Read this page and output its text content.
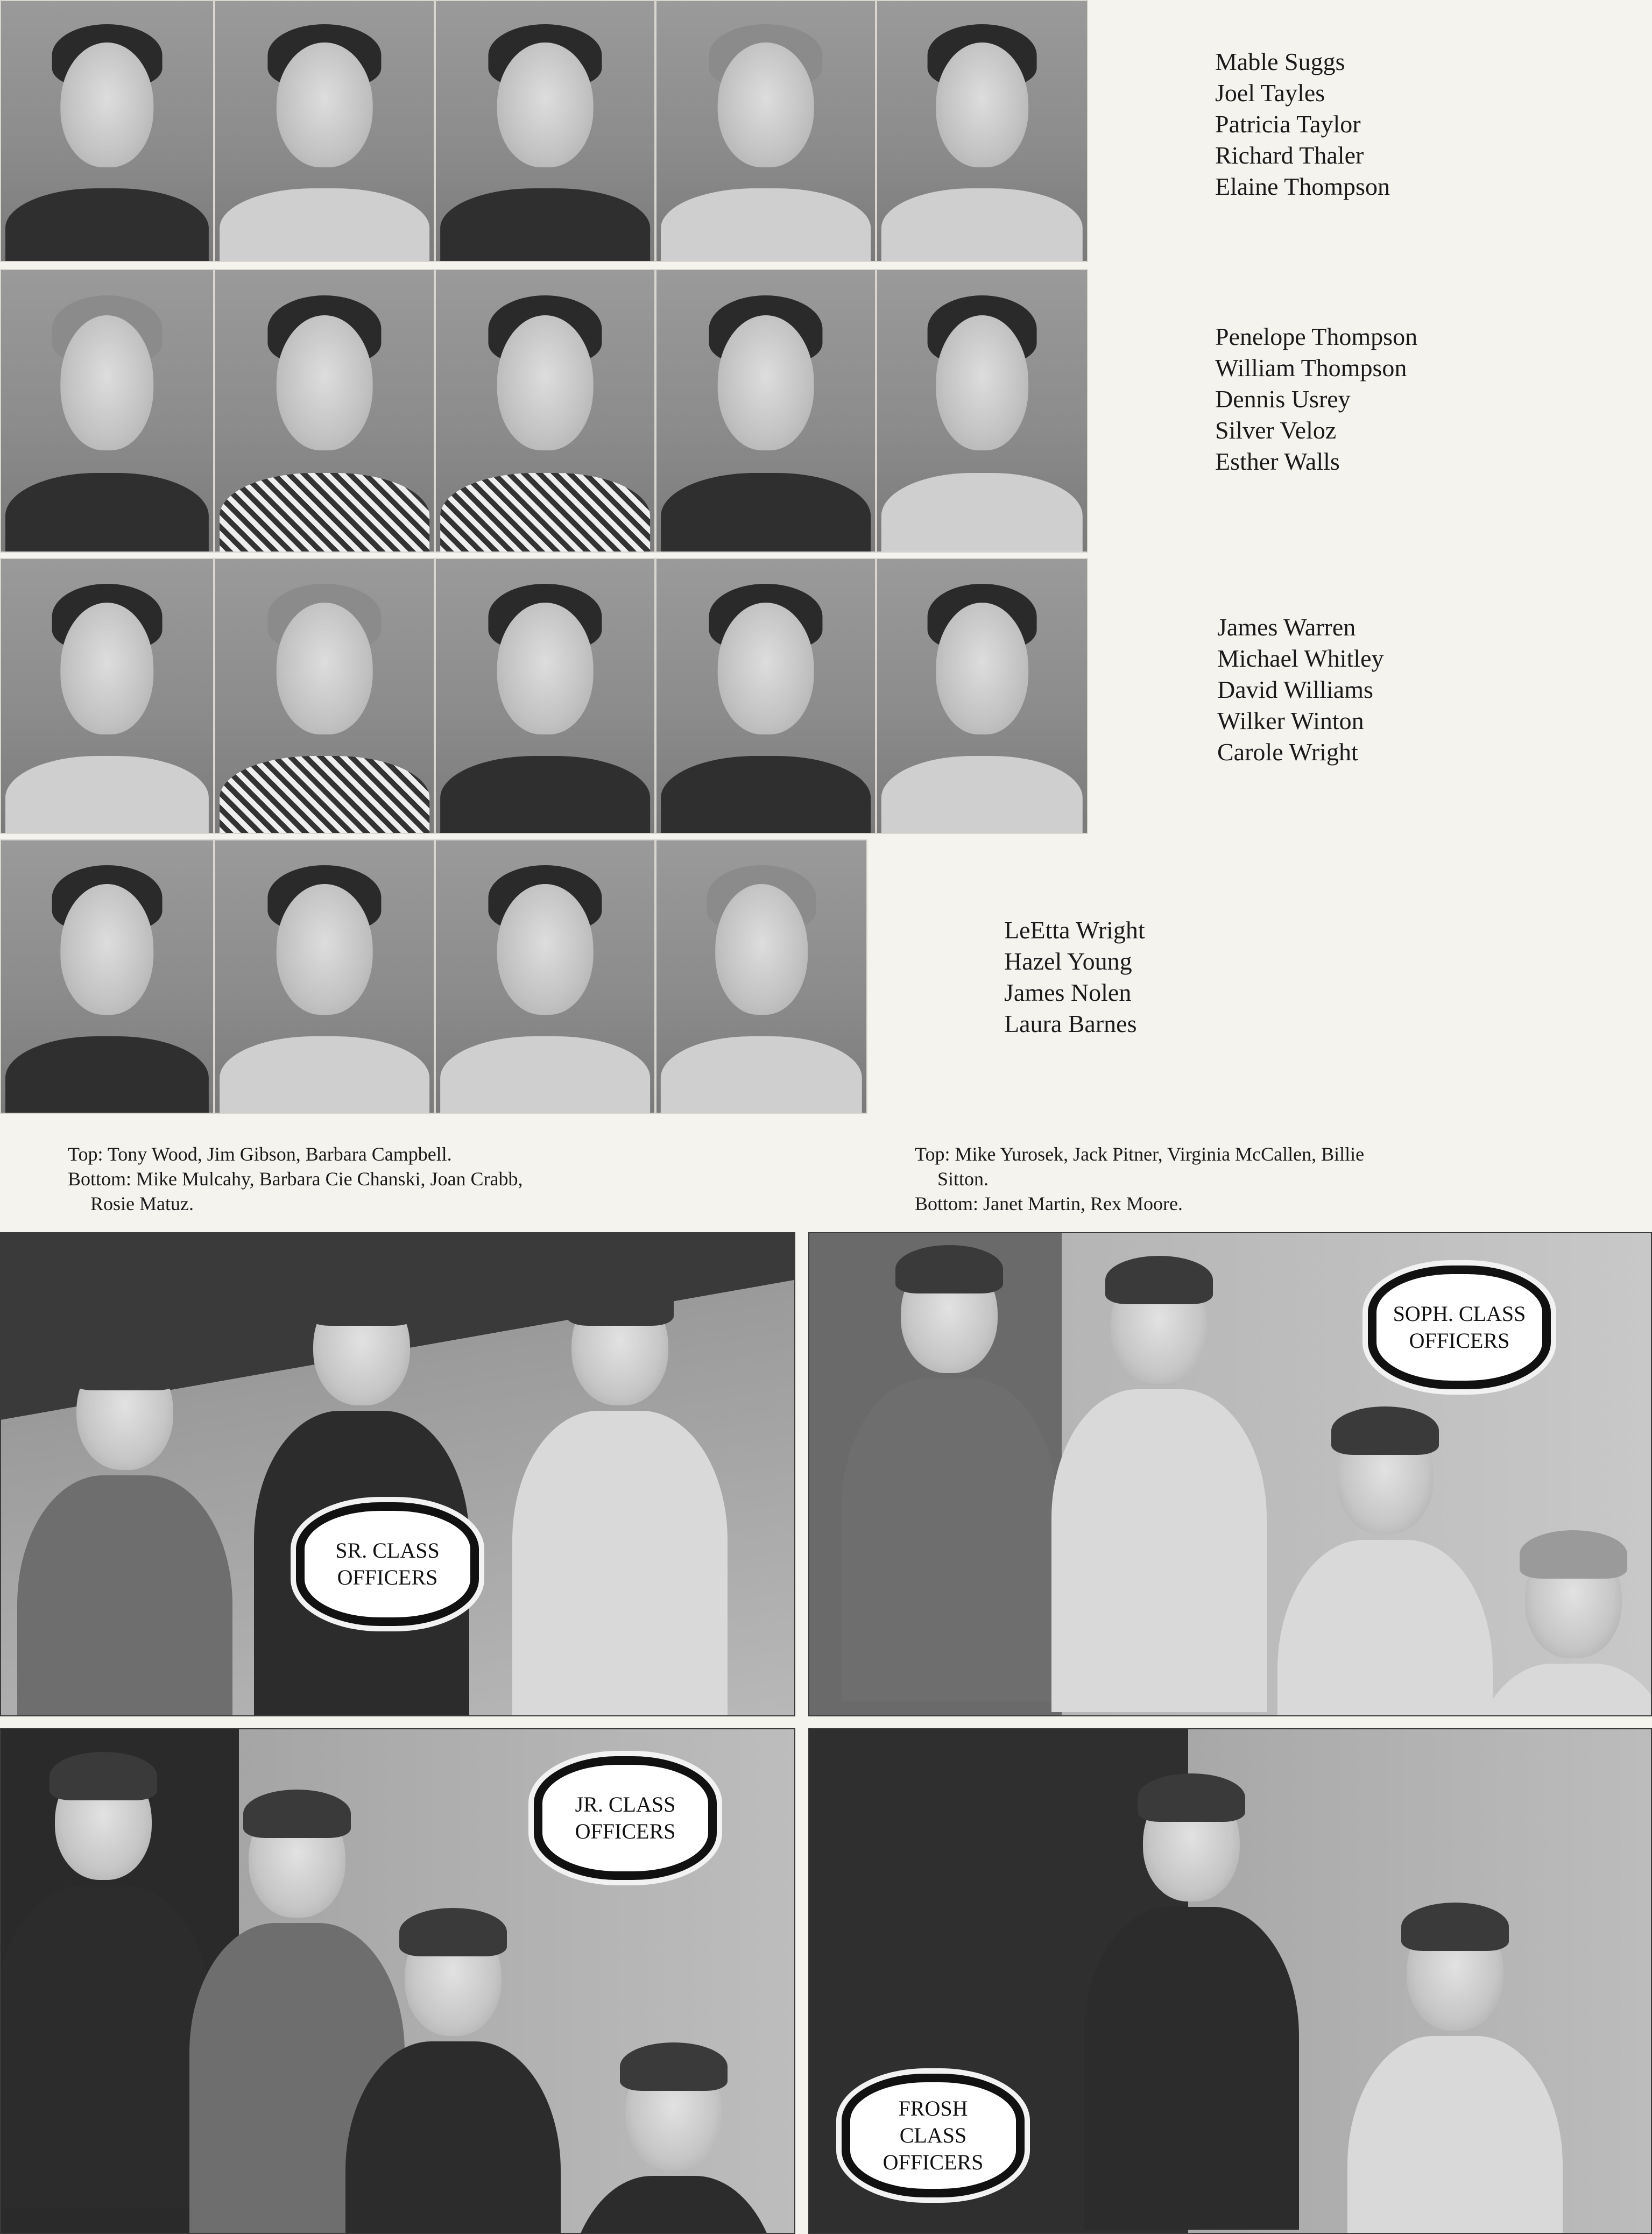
Mable Suggs
Joel Tayles
Patricia Taylor
Richard Thaler
Elaine Thompson
Penelope Thompson
William Thompson
Dennis Usrey
Silver Veloz
Esther Walls
James Warren
Michael Whitley
David Williams
Wilker Winton
Carole Wright
LeEtta Wright
Hazel Young
James Nolen
Laura Barnes
Top: Tony Wood, Jim Gibson, Barbara Campbell.
Bottom: Mike Mulcahy, Barbara Cie Chanski, Joan Crabb,
Rosie Matuz.
Top: Mike Yurosek, Jack Pitner, Virginia McCallen, Billie
Sitton.
Bottom: Janet Martin, Rex Moore.
SR. CLASS OFFICERS
SOPH. CLASS OFFICERS
JR. CLASS OFFICERS
FROSH CLASS OFFICERS
